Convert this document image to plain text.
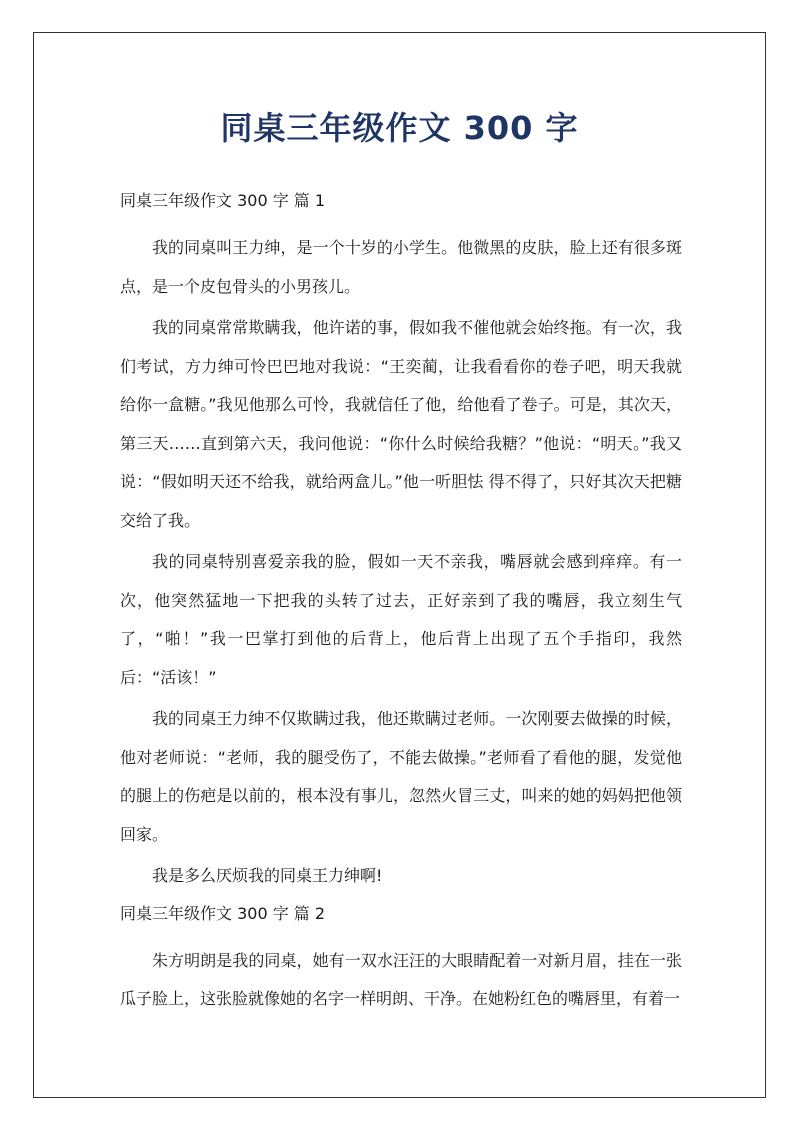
同桌三年级作文 300 字
同桌三年级作文 300 字 篇 1

我的同桌叫王力绅，是一个十岁的小学生。他微黑的皮肤，脸上还有很多斑点，是一个皮包骨头的小男孩儿。

我的同桌常常欺瞒我，他许诺的事，假如我不催他就会始终拖。有一次，我们考试，方力绅可怜巴巴地对我说：“王奕蔺，让我看看你的卷子吧，明天我就给你一盒糖。”我见他那么可怜，我就信任了他，给他看了卷子。可是，其次天，第三天……直到第六天，我问他说：“你什么时候给我糖？”他说：“明天。”我又说：“假如明天还不给我，就给两盒儿。”他一听胆怯 得不得了，只好其次天把糖交给了我。

我的同桌特别喜爱亲我的脸，假如一天不亲我，嘴唇就会感到痒痒。有一次，他突然猛地一下把我的头转了过去，正好亲到了我的嘴唇，我立刻生气了，“啪！”我一巴掌打到他的后背上，他后背上出现了五个手指印，我然后：“活该！”

我的同桌王力绅不仅欺瞒过我，他还欺瞒过老师。一次刚要去做操的时候，他对老师说：“老师，我的腿受伤了，不能去做操。”老师看了看他的腿，发觉他的腿上的伤疤是以前的，根本没有事儿，忽然火冒三丈，叫来的她的妈妈把他领回家。

我是多么厌烦我的同桌王力绅啊!

同桌三年级作文 300 字 篇 2

朱方明朗是我的同桌，她有一双水汪汪的大眼睛配着一对新月眉，挂在一张瓜子脸上，这张脸就像她的名字一样明朗、干净。在她粉红色的嘴唇里，有着一
